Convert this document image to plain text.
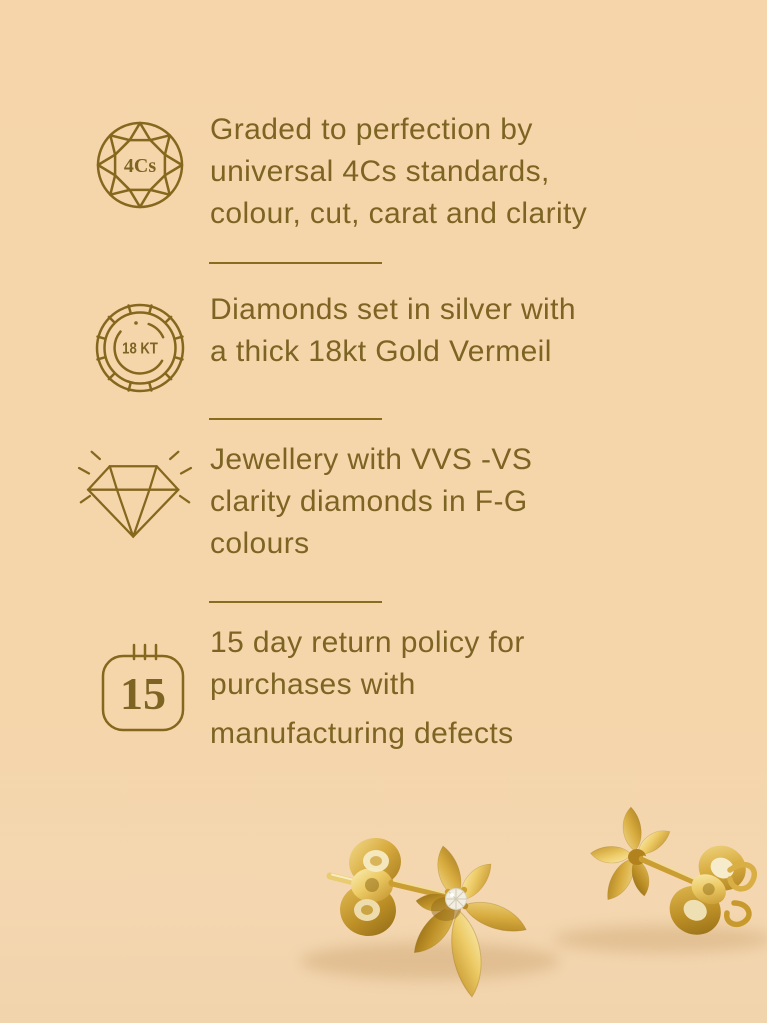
4Cs
Graded to perfection by
universal 4Cs standards,
colour, cut, carat and clarity
18 KT
Diamonds set in silver with
a thick 18kt Gold Vermeil
Jewellery with VVS -VS
clarity diamonds in F-G
colours
15
15 day return policy for
purchases with
manufacturing defects
